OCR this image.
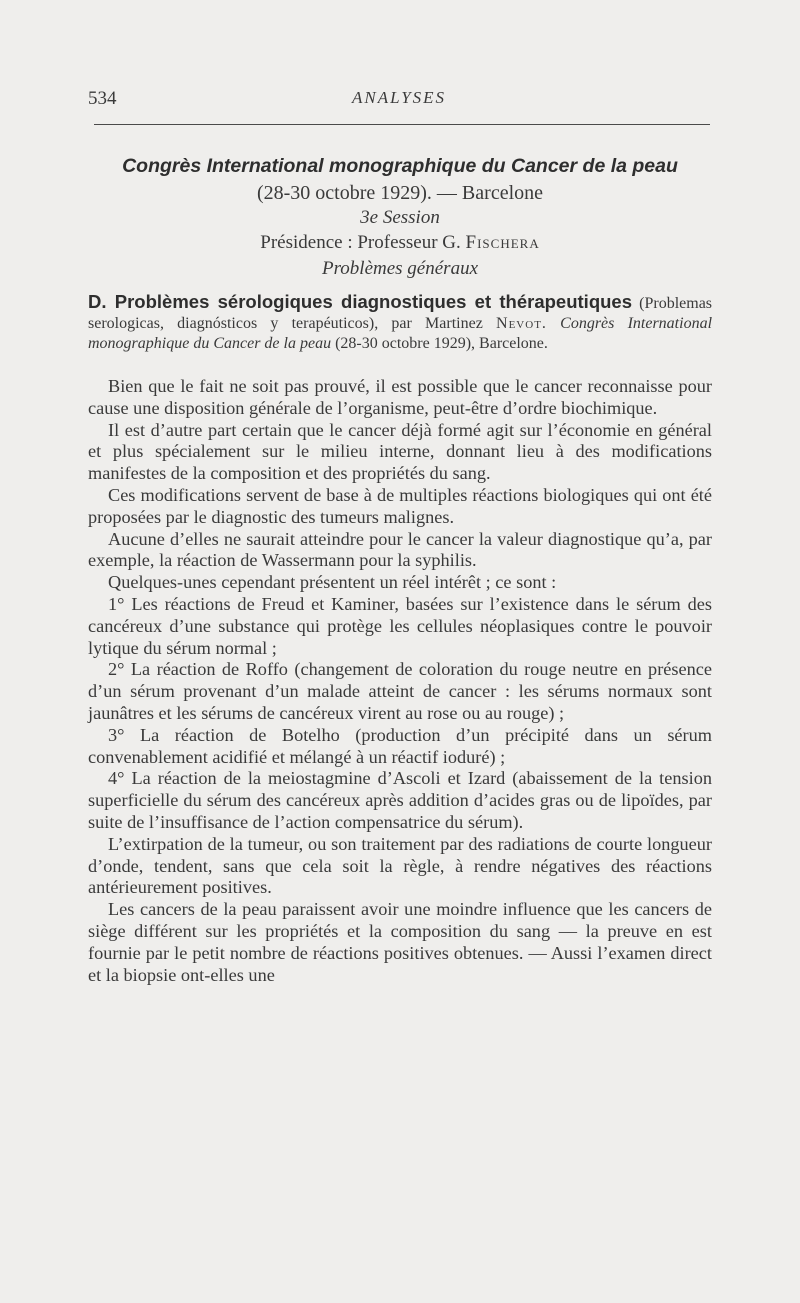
534	ANALYSES
Congrès International monographique du Cancer de la peau
(28-30 octobre 1929). — Barcelone
3e Session
Présidence : Professeur G. Fischera
Problèmes généraux

D. Problèmes sérologiques diagnostiques et thérapeutiques (Problemas serologicas, diagnósticos y terapéuticos), par Martinez Nevot. Congrès International monographique du Cancer de la peau (28-30 octobre 1929), Barcelone.

Bien que le fait ne soit pas prouvé, il est possible que le cancer reconnaisse pour cause une disposition générale de l’organisme, peut-être d’ordre biochimique.

Il est d’autre part certain que le cancer déjà formé agit sur l’économie en général et plus spécialement sur le milieu interne, donnant lieu à des modifications manifestes de la composition et des propriétés du sang.

Ces modifications servent de base à de multiples réactions biologiques qui ont été proposées par le diagnostic des tumeurs malignes.

Aucune d’elles ne saurait atteindre pour le cancer la valeur diagnostique qu’a, par exemple, la réaction de Wassermann pour la syphilis.

Quelques-unes cependant présentent un réel intérêt ; ce sont :

1° Les réactions de Freud et Kaminer, basées sur l’existence dans le sérum des cancéreux d’une substance qui protège les cellules néoplasiques contre le pouvoir lytique du sérum normal ;

2° La réaction de Roffo (changement de coloration du rouge neutre en présence d’un sérum provenant d’un malade atteint de cancer : les sérums normaux sont jaunâtres et les sérums de cancéreux virent au rose ou au rouge) ;

3° La réaction de Botelho (production d’un précipité dans un sérum convenablement acidifié et mélangé à un réactif ioduré) ;

4° La réaction de la meiostagmine d’Ascoli et Izard (abaissement de la tension superficielle du sérum des cancéreux après addition d’acides gras ou de lipoïdes, par suite de l’insuffisance de l’action compensatrice du sérum).

L’extirpation de la tumeur, ou son traitement par des radiations de courte longueur d’onde, tendent, sans que cela soit la règle, à rendre négatives des réactions antérieurement positives.

Les cancers de la peau paraissent avoir une moindre influence que les cancers de siège différent sur les propriétés et la composition du sang — la preuve en est fournie par le petit nombre de réactions positives obtenues. — Aussi l’examen direct et la biopsie ont-elles une
